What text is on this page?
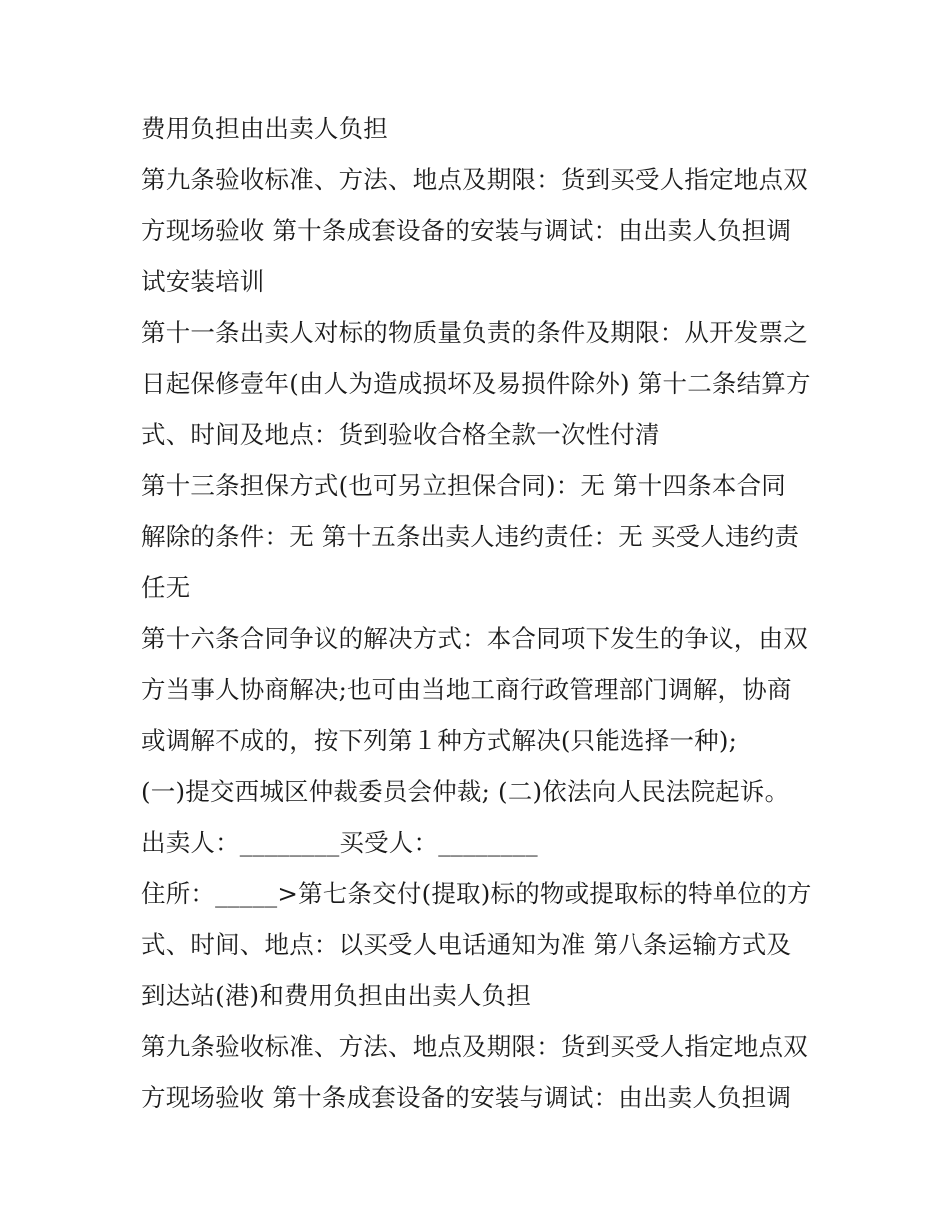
费用负担由出卖人负担
第九条验收标准、方法、地点及期限：货到买受人指定地点双
方现场验收 第十条成套设备的安装与调试：由出卖人负担调
试安装培训
第十一条出卖人对标的物质量负责的条件及期限：从开发票之
日起保修壹年(由人为造成损坏及易损件除外) 第十二条结算方
式、时间及地点：货到验收合格全款一次性付清
第十三条担保方式(也可另立担保合同)：无 第十四条本合同
解除的条件：无 第十五条出卖人违约责任：无 买受人违约责
任无
第十六条合同争议的解决方式：本合同项下发生的争议，由双
方当事人协商解决;也可由当地工商行政管理部门调解，协商
或调解不成的，按下列第１种方式解决(只能选择一种);
(一)提交西城区仲裁委员会仲裁; (二)依法向人民法院起诉。
出卖人：________买受人：________
住所：_____>第七条交付(提取)标的物或提取标的特单位的方
式、时间、地点：以买受人电话通知为准 第八条运输方式及
到达站(港)和费用负担由出卖人负担
第九条验收标准、方法、地点及期限：货到买受人指定地点双
方现场验收 第十条成套设备的安装与调试：由出卖人负担调
